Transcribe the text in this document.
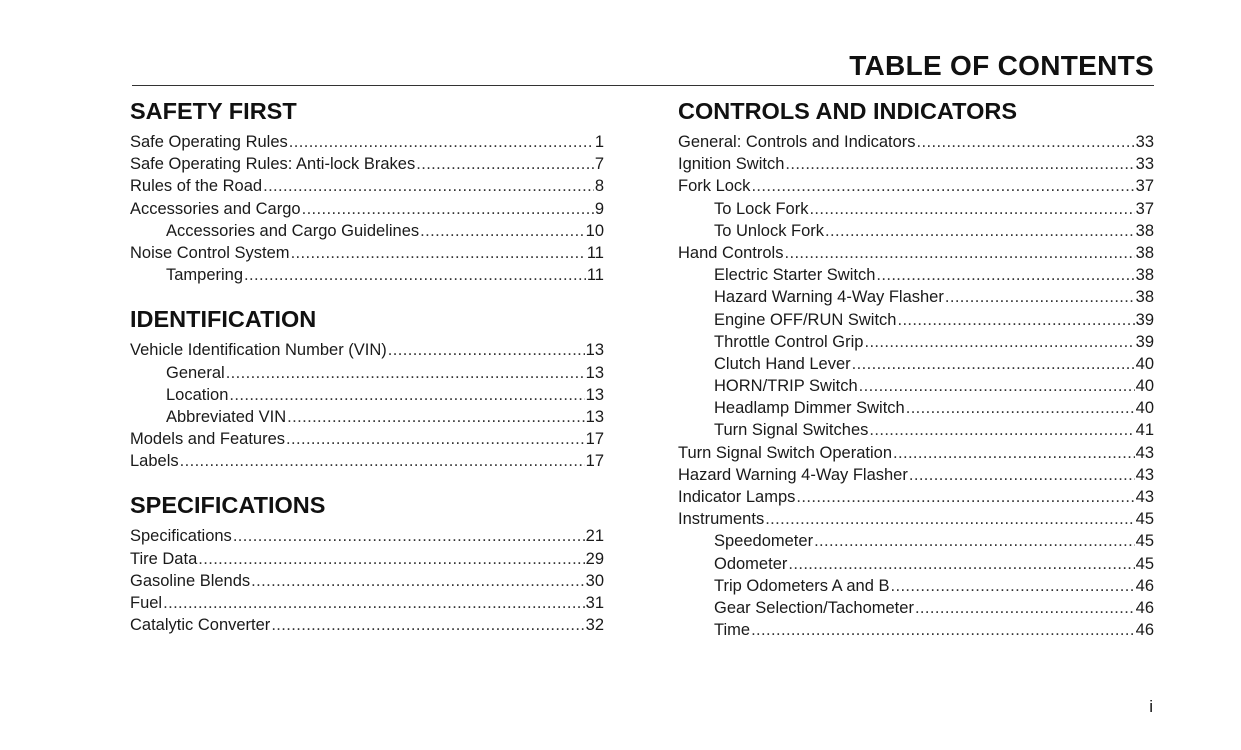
TABLE OF CONTENTS
SAFETY FIRST
Safe Operating Rules .....	1
Safe Operating Rules: Anti-lock Brakes .....	7
Rules of the Road .....	8
Accessories and Cargo .....	9
Accessories and Cargo Guidelines .....	10
Noise Control System .....	11
Tampering .....	11
IDENTIFICATION
Vehicle Identification Number (VIN) .....	13
General .....	13
Location .....	13
Abbreviated VIN .....	13
Models and Features .....	17
Labels .....	17
SPECIFICATIONS
Specifications .....	21
Tire Data .....	29
Gasoline Blends .....	30
Fuel .....	31
Catalytic Converter .....	32
CONTROLS AND INDICATORS
General: Controls and Indicators .....	33
Ignition Switch .....	33
Fork Lock .....	37
To Lock Fork .....	37
To Unlock Fork .....	38
Hand Controls .....	38
Electric Starter Switch .....	38
Hazard Warning 4-Way Flasher .....	38
Engine OFF/RUN Switch .....	39
Throttle Control Grip .....	39
Clutch Hand Lever .....	40
HORN/TRIP Switch .....	40
Headlamp Dimmer Switch .....	40
Turn Signal Switches .....	41
Turn Signal Switch Operation .....	43
Hazard Warning 4-Way Flasher .....	43
Indicator Lamps .....	43
Instruments .....	45
Speedometer .....	45
Odometer .....	45
Trip Odometers A and B .....	46
Gear Selection/Tachometer .....	46
Time .....	46
i
